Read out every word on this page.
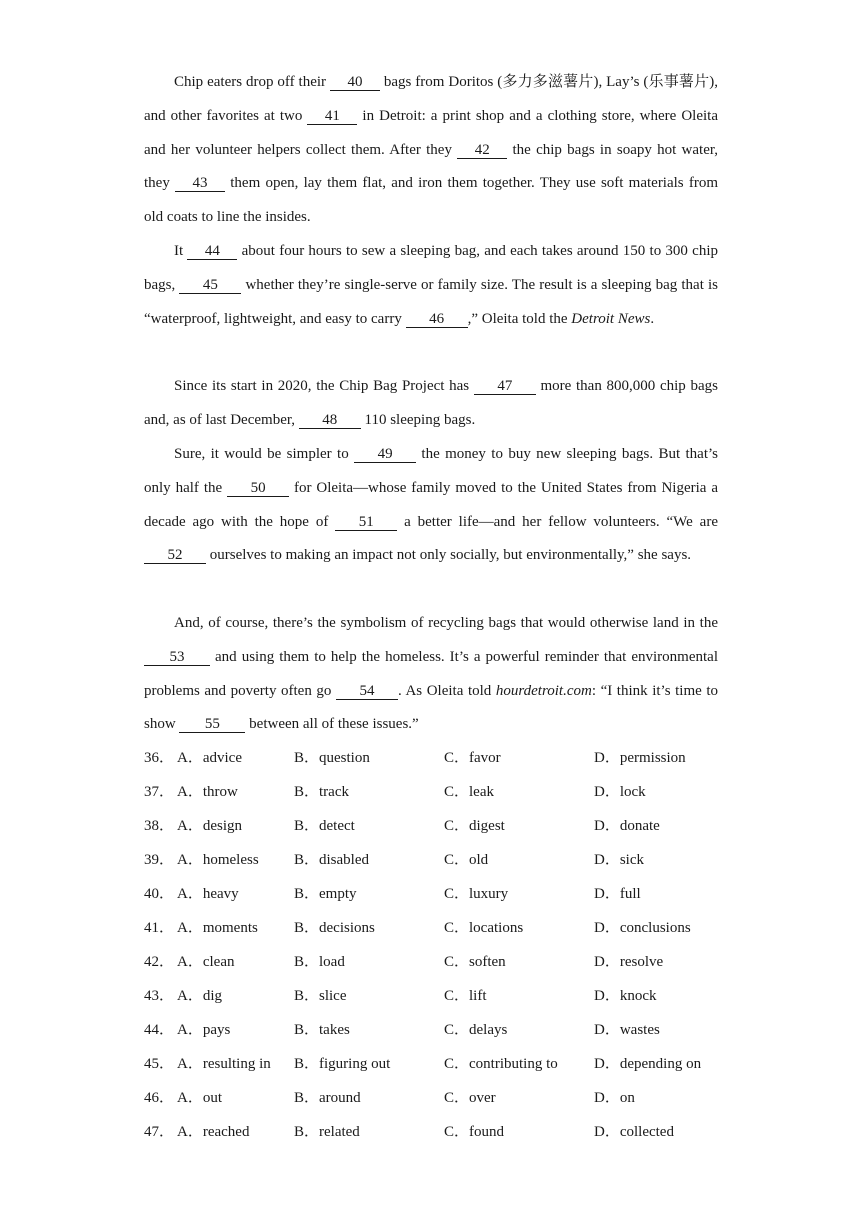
Chip eaters drop off their 40 bags from Doritos (多力多滋薯片), Lay’s (乐事薯片), and other favorites at two 41 in Detroit: a print shop and a clothing store, where Oleita and her volunteer helpers collect them. After they 42 the chip bags in soapy hot water, they 43 them open, lay them flat, and iron them together. They use soft materials from old coats to line the insides.

It 44 about four hours to sew a sleeping bag, and each takes around 150 to 300 chip bags, 45 whether they’re single-serve or family size. The result is a sleeping bag that is “waterproof, lightweight, and easy to carry 46 ,” Oleita told the Detroit News.

Since its start in 2020, the Chip Bag Project has 47 more than 800,000 chip bags and, as of last December, 48 110 sleeping bags.

Sure, it would be simpler to 49 the money to buy new sleeping bags. But that’s only half the 50 for Oleita—whose family moved to the United States from Nigeria a decade ago with the hope of 51 a better life—and her fellow volunteers. “We are52 ourselves to making an impact not only socially, but environmentally,” she says.

And, of course, there’s the symbolism of recycling bags that would otherwise land in the 53 and using them to help the homeless. It’s a powerful reminder that environmental problems and poverty often go 54 . As Oleita told hourdetroit.com: “I think it’s time to show 55 between all of these issues.”

36． A．advice	B．question	C．favor	D．permission
37． A．throw	B．track	C．leak	D．lock
38． A．design	B．detect	C．digest	D．donate
39． A．homeless B．disabled	C．old	D．sick
40． A．heavy	B．empty	C．luxury	D．full
41． A．moments B．decisions	C．locations	D．conclusions
42． A．clean	B．load	C．soften	D．resolve
43． A．dig	B．slice	C．lift	D．knock
44． A．pays	B．takes	C．delays	D．wastes
45． A．resulting in B．figuring out	C．contributing to D．depending on
46． A．out	B．around	C．over	D．on
47． A．reached	B．related	C．found	D．collected
